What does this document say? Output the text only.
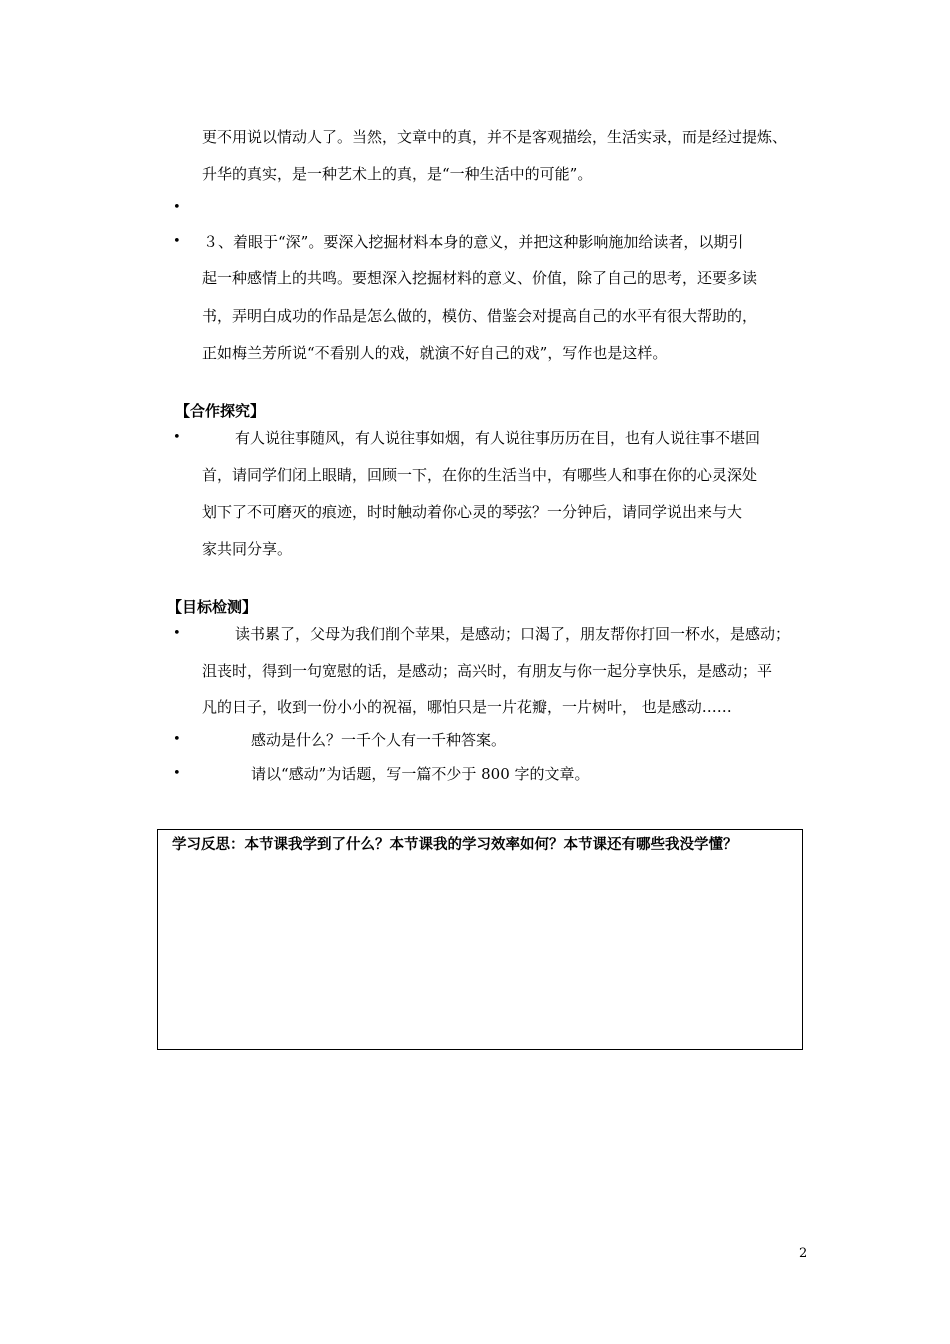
更不用说以情动人了。当然，文章中的真，并不是客观描绘，生活实录，而是经过提炼、
升华的真实，是一种艺术上的真，是“一种生活中的可能”。
•
• ３、着眼于“深”。要深入挖掘材料本身的意义，并把这种影响施加给读者，以期引
起一种感情上的共鸣。要想深入挖掘材料的意义、价值，除了自己的思考，还要多读
书，弄明白成功的作品是怎么做的，模仿、借鉴会对提高自己的水平有很大帮助的，
正如梅兰芳所说“不看别人的戏，就演不好自己的戏”，写作也是这样。
【合作探究】
•	有人说往事随风，有人说往事如烟，有人说往事历历在目，也有人说往事不堪回
首，请同学们闭上眼睛，回顾一下，在你的生活当中，有哪些人和事在你的心灵深处
划下了不可磨灭的痕迹，时时触动着你心灵的琴弦？一分钟后，请同学说出来与大
家共同分享。
【目标检测】
•	读书累了，父母为我们削个苹果，是感动；口渴了，朋友帮你打回一杯水，是感动；
沮丧时，得到一句宽慰的话，是感动；高兴时，有朋友与你一起分享快乐，是感动；平
凡的日子，收到一份小小的祝福，哪怕只是一片花瓣，一片树叶， 也是感动……
•	感动是什么？一千个人有一千种答案。
•	请以“感动”为话题，写一篇不少于 800 字的文章。
学习反思：本节课我学到了什么？本节课我的学习效率如何？本节课还有哪些我没学懂？
2
